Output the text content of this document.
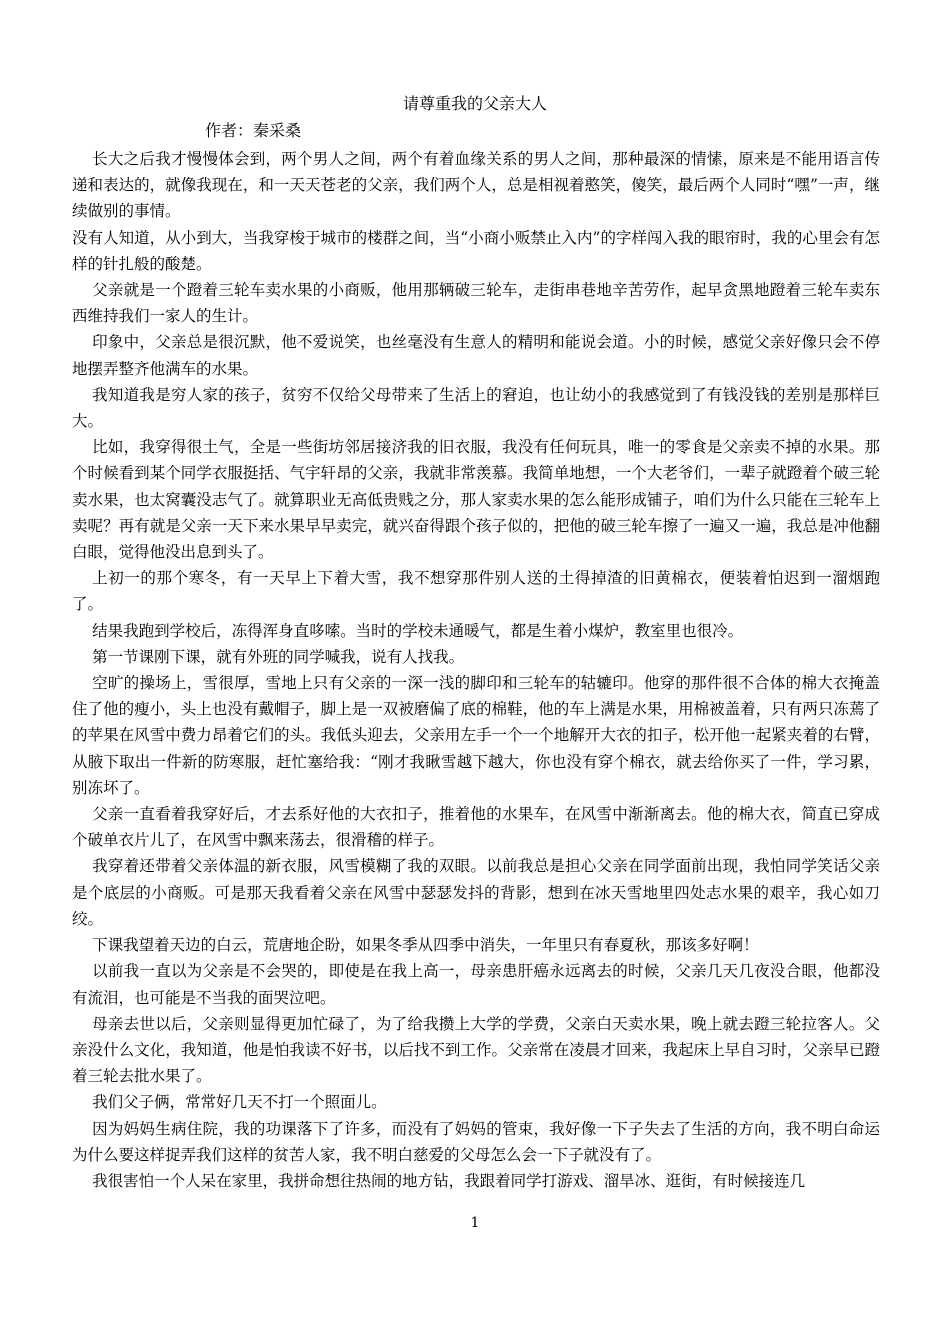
请尊重我的父亲大人

作者：秦采桑

长大之后我才慢慢体会到，两个男人之间，两个有着血缘关系的男人之间，那种最深的情愫，原来是不能用语言传递和表达的，就像我现在，和一天天苍老的父亲，我们两个人，总是相视着憨笑，傻笑，最后两个人同时“嘿”一声，继续做别的事情。

没有人知道，从小到大，当我穿梭于城市的楼群之间，当“小商小贩禁止入内”的字样闯入我的眼帘时，我的心里会有怎样的针扎般的酸楚。

父亲就是一个蹬着三轮车卖水果的小商贩，他用那辆破三轮车，走街串巷地辛苦劳作，起早贪黑地蹬着三轮车卖东西维持我们一家人的生计。

印象中，父亲总是很沉默，他不爱说笑，也丝毫没有生意人的精明和能说会道。小的时候，感觉父亲好像只会不停地摆弄整齐他满车的水果。

我知道我是穷人家的孩子，贫穷不仅给父母带来了生活上的窘迫，也让幼小的我感觉到了有钱没钱的差别是那样巨大。

比如，我穿得很土气，全是一些街坊邻居接济我的旧衣服，我没有任何玩具，唯一的零食是父亲卖不掉的水果。那个时候看到某个同学衣服挺括、气宇轩昂的父亲，我就非常羡慕。我简单地想，一个大老爷们，一辈子就蹬着个破三轮卖水果，也太窝囊没志气了。就算职业无高低贵贱之分，那人家卖水果的怎么能形成铺子，咱们为什么只能在三轮车上卖呢？再有就是父亲一天下来水果早早卖完，就兴奋得跟个孩子似的，把他的破三轮车擦了一遍又一遍，我总是冲他翻白眼，觉得他没出息到头了。

上初一的那个寒冬，有一天早上下着大雪，我不想穿那件别人送的土得掉渣的旧黄棉衣，便装着怕迟到一溜烟跑了。

结果我跑到学校后，冻得浑身直哆嗦。当时的学校未通暖气，都是生着小煤炉，教室里也很冷。

第一节课刚下课，就有外班的同学喊我，说有人找我。

空旷的操场上，雪很厚，雪地上只有父亲的一深一浅的脚印和三轮车的轱辘印。他穿的那件很不合体的棉大衣掩盖住了他的瘦小，头上也没有戴帽子，脚上是一双被磨偏了底的棉鞋，他的车上满是水果，用棉被盖着，只有两只冻蔫了的苹果在风雪中费力昂着它们的头。我低头迎去，父亲用左手一个一个地解开大衣的扣子，松开他一起紧夹着的右臂，从腋下取出一件新的防寒服，赶忙塞给我：“刚才我瞅雪越下越大，你也没有穿个棉衣，就去给你买了一件，学习累，别冻坏了。

父亲一直看着我穿好后，才去系好他的大衣扣子，推着他的水果车，在风雪中渐渐离去。他的棉大衣，简直已穿成个破单衣片儿了，在风雪中飘来荡去，很滑稽的样子。

我穿着还带着父亲体温的新衣服，风雪模糊了我的双眼。以前我总是担心父亲在同学面前出现，我怕同学笑话父亲是个底层的小商贩。可是那天我看着父亲在风雪中瑟瑟发抖的背影，想到在冰天雪地里四处志水果的艰辛，我心如刀绞。

下课我望着天边的白云，荒唐地企盼，如果冬季从四季中消失，一年里只有春夏秋，那该多好啊！

以前我一直以为父亲是不会哭的，即使是在我上高一，母亲患肝癌永远离去的时候，父亲几天几夜没合眼，他都没有流泪，也可能是不当我的面哭泣吧。

母亲去世以后，父亲则显得更加忙碌了，为了给我攒上大学的学费，父亲白天卖水果，晚上就去蹬三轮拉客人。父亲没什么文化，我知道，他是怕我读不好书，以后找不到工作。父亲常在凌晨才回来，我起床上早自习时，父亲早已蹬着三轮去批水果了。

我们父子俩，常常好几天不打一个照面儿。

因为妈妈生病住院，我的功课落下了许多，而没有了妈妈的管束，我好像一下子失去了生活的方向，我不明白命运为什么要这样捉弄我们这样的贫苦人家，我不明白慈爱的父母怎么会一下子就没有了。

我很害怕一个人呆在家里，我拼命想往热闹的地方钻，我跟着同学打游戏、溜旱冰、逛街，有时候接连几

1
